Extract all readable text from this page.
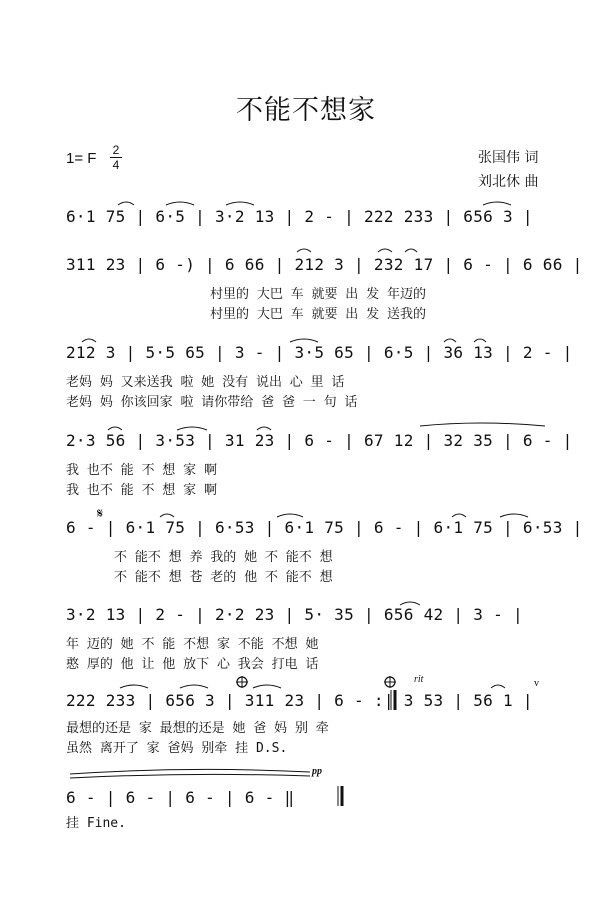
𝄋
不能不想家
1= F 2
4	张国伟 词
刘北休 曲
6·1 75 | 6·5 | 3·2 13 | 2 - | 222 233 | 656 3 |
311 23 | 6 -) | 6 66 | 212 3 | 232 17 | 6 - | 6 66 |
村里的 大巴 车 就要 出 发 年迈的
村里的 大巴 车 就要 出 发 送我的
212 3 | 5·5 65 | 3 - | 3·5 65 | 6·5 | 36 13 | 2 - |
老妈 妈 又来送我 啦 她 没有 说出 心 里 话
老妈 妈 你该回家 啦 请你带给 爸 爸 一 句 话
2·3 56 | 3·53 | 31 23 | 6 - | 67 12 | 32 35 | 6 - |
我 也不 能 不 想 家 啊
我 也不 能 不 想 家 啊
6 - | 6·1 75 | 6·53 | 6·1 75 | 6 - | 6·1 75 | 6·53 |
不 能不 想 养 我的 她 不 能不 想
不 能不 想 苍 老的 他 不 能不 想
3·2 13 | 2 - | 2·2 23 | 5· 35 | 656 42 | 3 - |
年 迈的 她 不 能 不想 家 不能 不想 她
憨 厚的 他 让 他 放下 心 我会 打电 话
rit	v
222 233 | 656 3 | 311 23 | 6 - :| 3 53 | 56 1 |
最想的还是 家 最想的还是 她 爸 妈 别 牵
虽然 离开了 家 爸妈 别牵 挂 D.S.
pp
6 - | 6 - | 6 - | 6 - ‖
挂 Fine.
